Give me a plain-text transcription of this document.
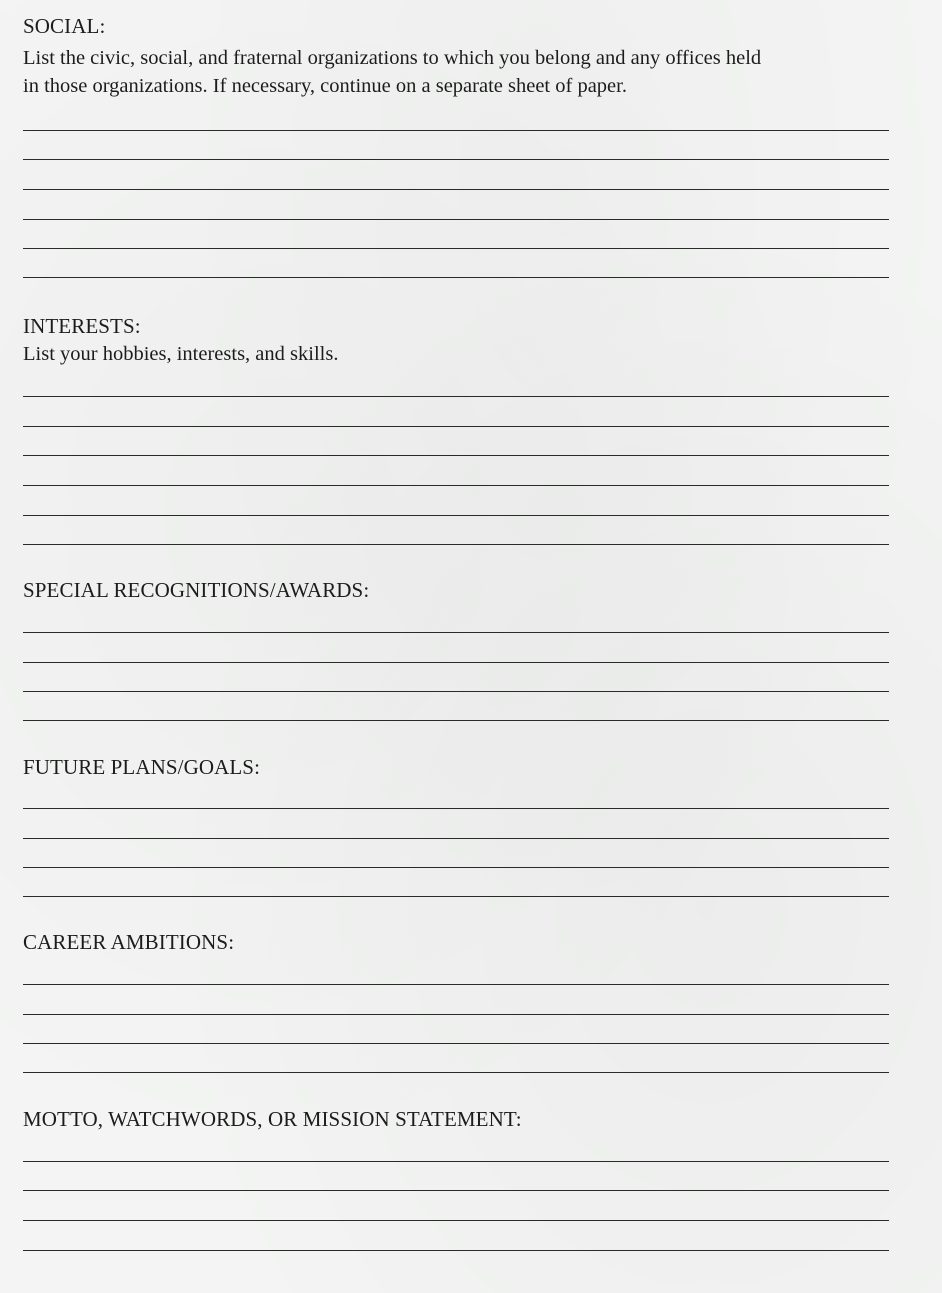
SOCIAL:
List the civic, social, and fraternal organizations to which you belong and any offices held
in those organizations. If necessary, continue on a separate sheet of paper.
INTERESTS:
List your hobbies, interests, and skills.
SPECIAL RECOGNITIONS/AWARDS:
FUTURE PLANS/GOALS:
CAREER AMBITIONS:
MOTTO, WATCHWORDS, OR MISSION STATEMENT:
